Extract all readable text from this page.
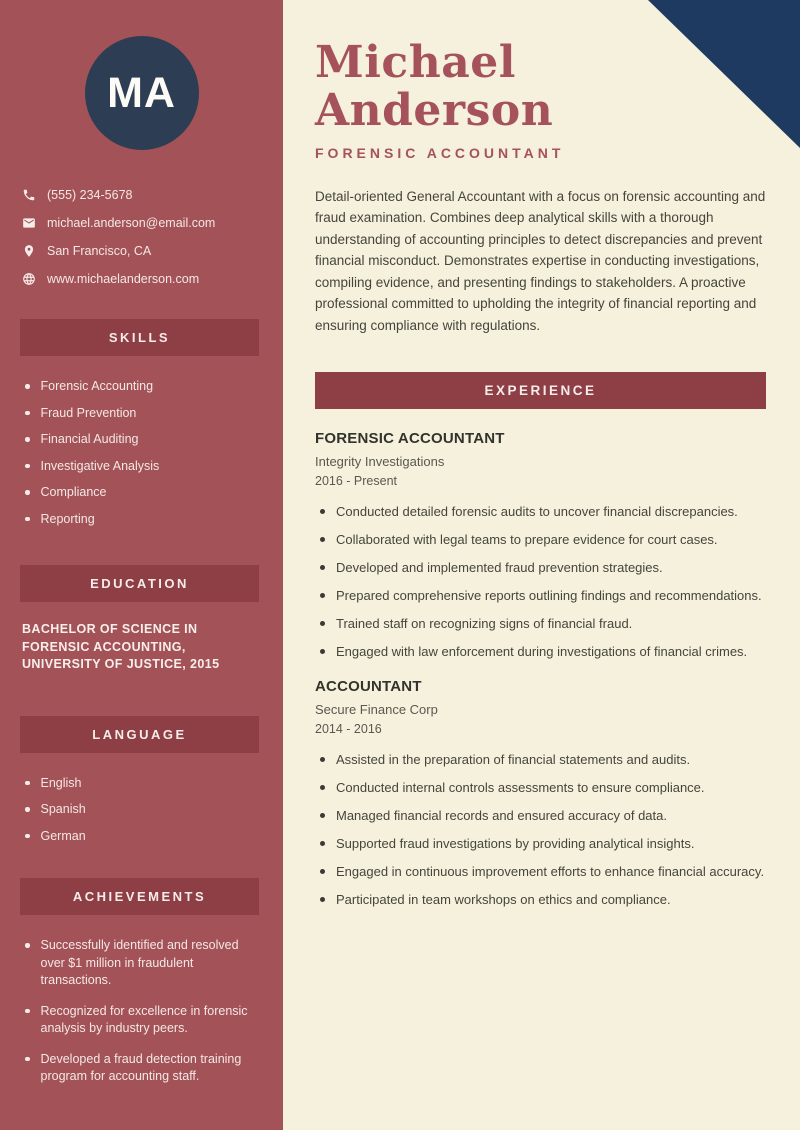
MA
(555) 234-5678
michael.anderson@email.com
San Francisco, CA
www.michaelanderson.com
SKILLS
Forensic Accounting
Fraud Prevention
Financial Auditing
Investigative Analysis
Compliance
Reporting
EDUCATION

BACHELOR OF SCIENCE IN FORENSIC ACCOUNTING, UNIVERSITY OF JUSTICE, 2015

LANGUAGE
English
Spanish
German
ACHIEVEMENTS
Successfully identified and resolved over $1 million in fraudulent transactions.
Recognized for excellence in forensic analysis by industry peers.
Developed a fraud detection training program for accounting staff.
Michael Anderson
FORENSIC ACCOUNTANT

Detail-oriented General Accountant with a focus on forensic accounting and fraud examination. Combines deep analytical skills with a thorough understanding of accounting principles to detect discrepancies and prevent financial misconduct. Demonstrates expertise in conducting investigations, compiling evidence, and presenting findings to stakeholders. A proactive professional committed to upholding the integrity of financial reporting and ensuring compliance with regulations.

EXPERIENCE
FORENSIC ACCOUNTANT
Integrity Investigations
2016 - Present
Conducted detailed forensic audits to uncover financial discrepancies.
Collaborated with legal teams to prepare evidence for court cases.
Developed and implemented fraud prevention strategies.
Prepared comprehensive reports outlining findings and recommendations.
Trained staff on recognizing signs of financial fraud.
Engaged with law enforcement during investigations of financial crimes.
ACCOUNTANT
Secure Finance Corp
2014 - 2016
Assisted in the preparation of financial statements and audits.
Conducted internal controls assessments to ensure compliance.
Managed financial records and ensured accuracy of data.
Supported fraud investigations by providing analytical insights.
Engaged in continuous improvement efforts to enhance financial accuracy.
Participated in team workshops on ethics and compliance.
